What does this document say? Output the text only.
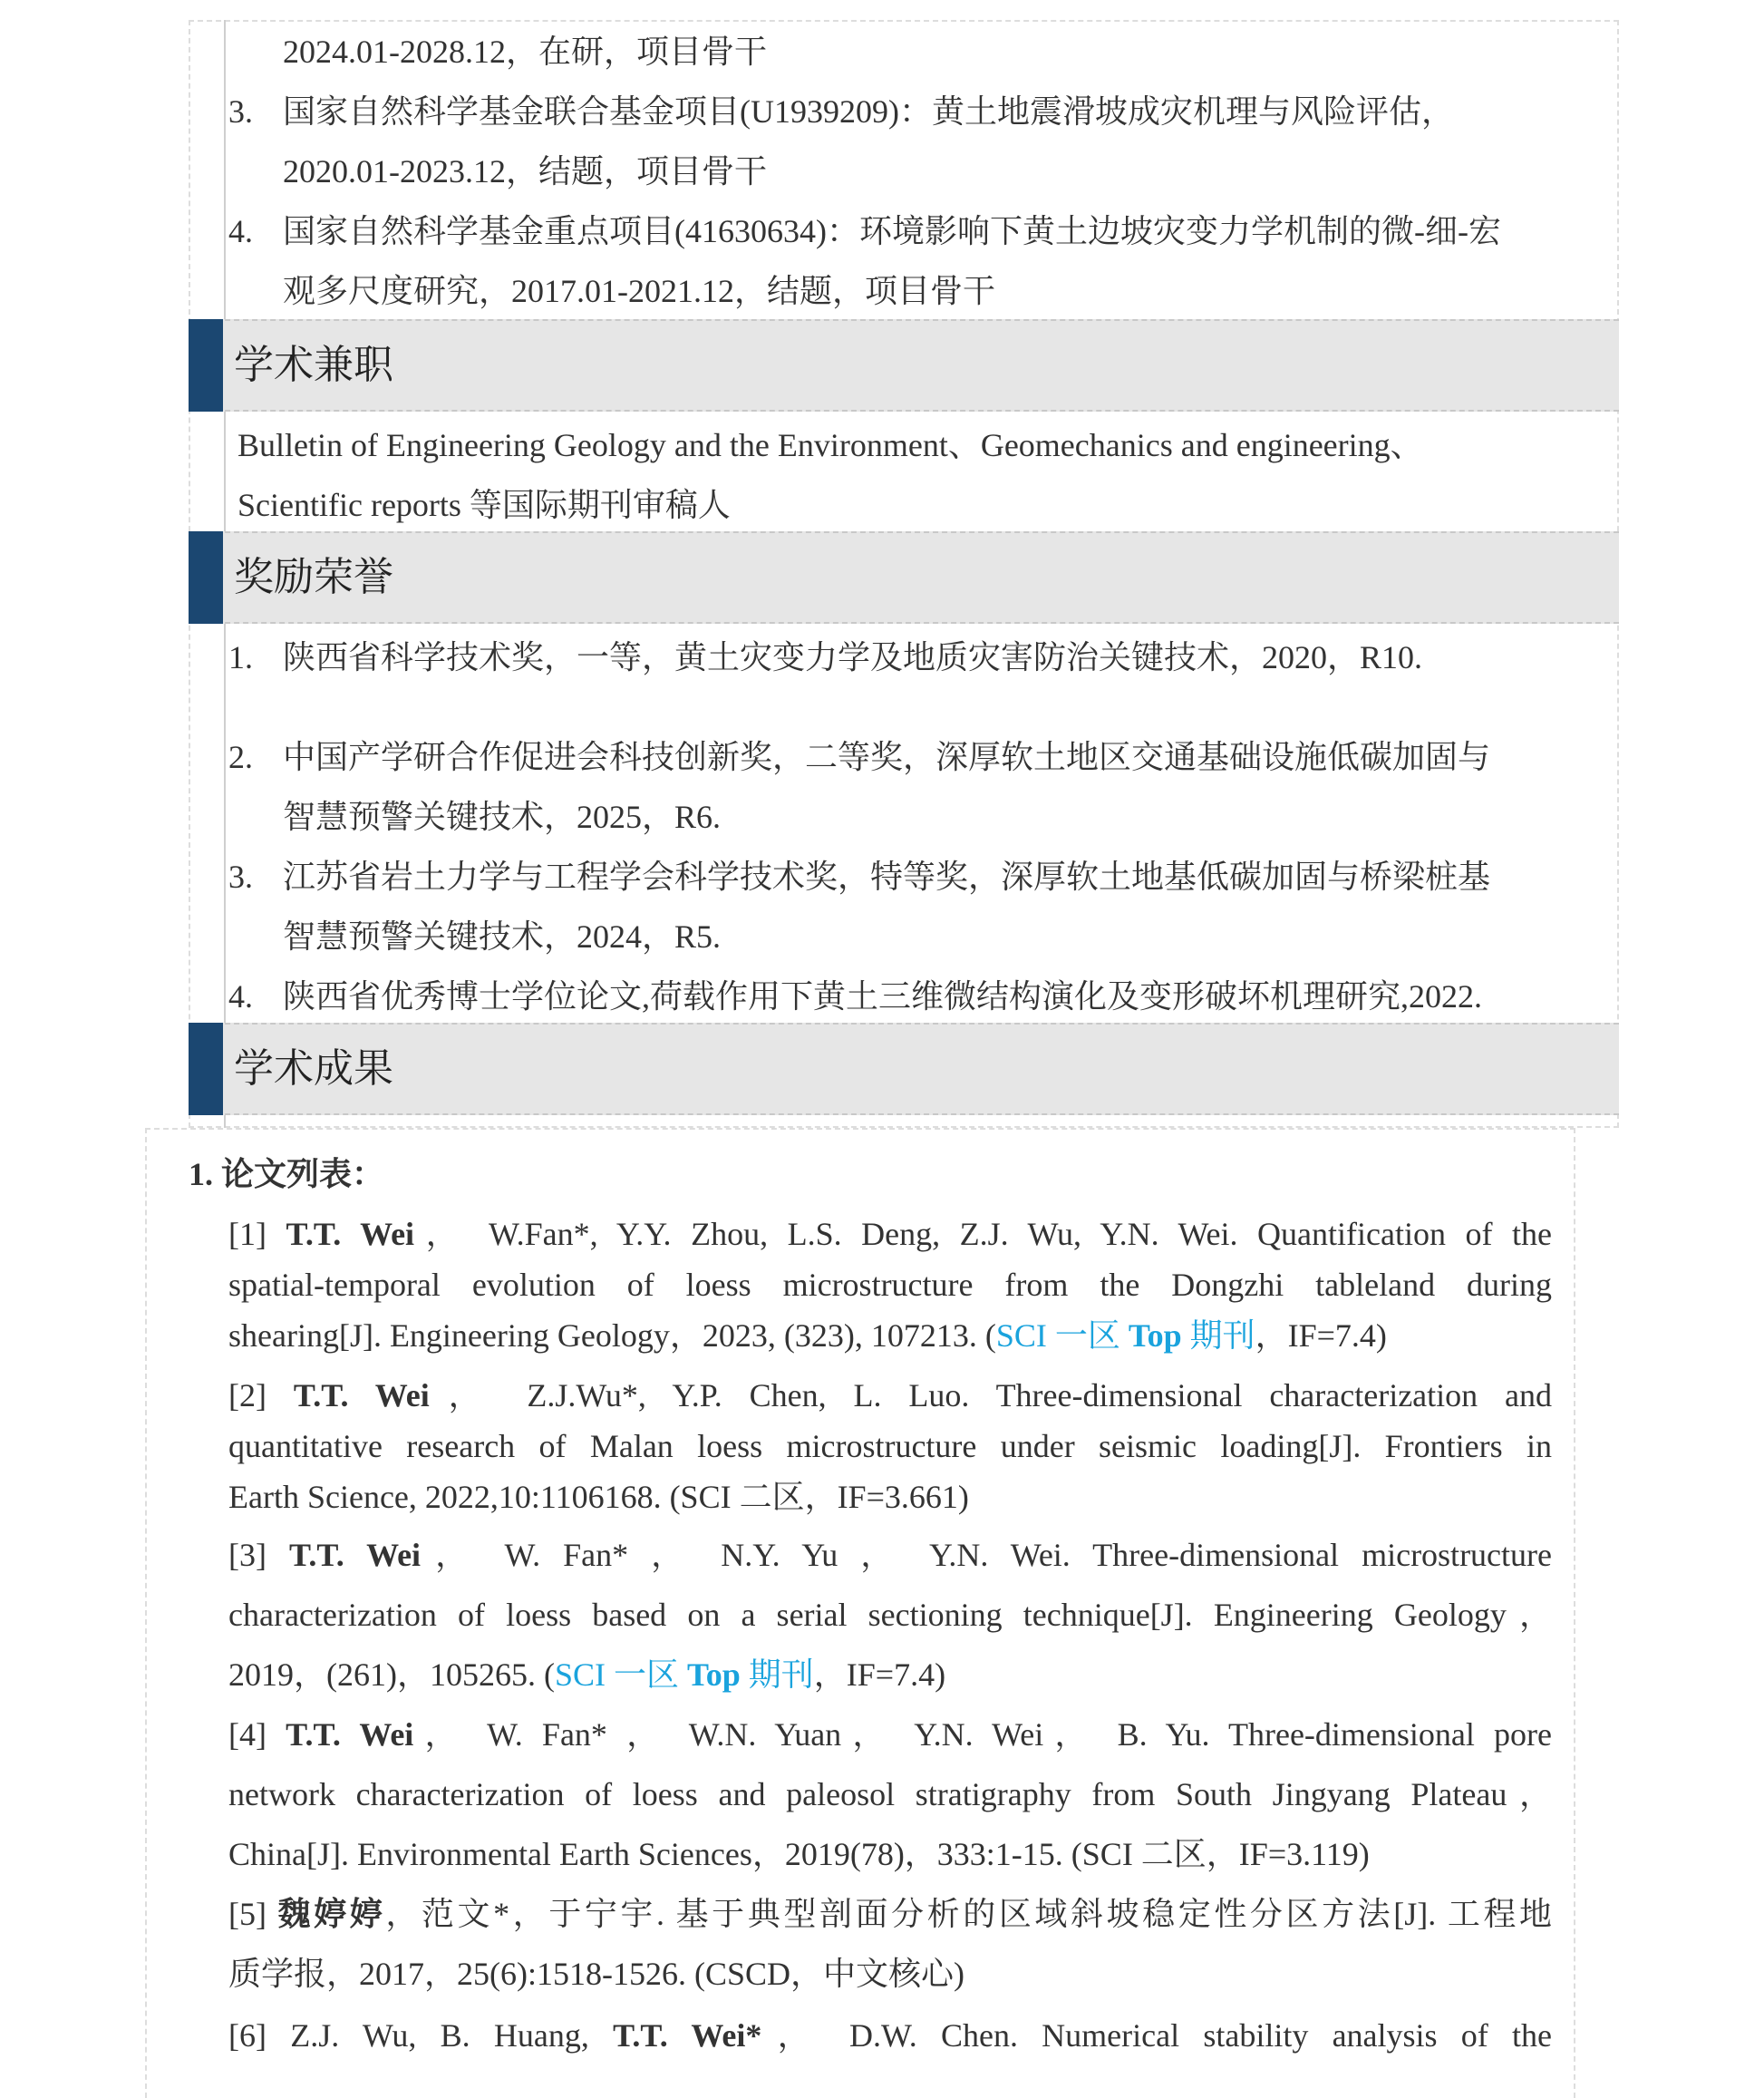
2024.01-2028.12，在研，项目骨干
3. 国家自然科学基金联合基金项目(U1939209)：黄土地震滑坡成灾机理与风险评估，
2020.01-2023.12，结题，项目骨干
4. 国家自然科学基金重点项目(41630634)：环境影响下黄土边坡灾变力学机制的微-细-宏
观多尺度研究，2017.01-2021.12，结题，项目骨干
学术兼职
Bulletin of Engineering Geology and the Environment、Geomechanics and engineering、
Scientific reports 等国际期刊审稿人
奖励荣誉
1. 陕西省科学技术奖，一等，黄土灾变力学及地质灾害防治关键技术，2020，R10.
2. 中国产学研合作促进会科技创新奖，二等奖，深厚软土地区交通基础设施低碳加固与
智慧预警关键技术，2025，R6.
3. 江苏省岩土力学与工程学会科学技术奖，特等奖，深厚软土地基低碳加固与桥梁桩基
智慧预警关键技术，2024，R5.
4. 陕西省优秀博士学位论文,荷载作用下黄土三维微结构演化及变形破坏机理研究,2022.
学术成果
1. 论文列表：
[1] T.T. Wei， W.Fan*, Y.Y. Zhou, L.S. Deng, Z.J. Wu, Y.N. Wei. Quantification of the
spatial-temporal evolution of loess microstructure from the Dongzhi tableland during
shearing[J]. Engineering Geology，2023, (323), 107213. (SCI 一区 Top 期刊，IF=7.4)
[2] T.T. Wei， Z.J.Wu*, Y.P. Chen, L. Luo. Three-dimensional characterization and
quantitative research of Malan loess microstructure under seismic loading[J]. Frontiers in
Earth Science, 2022,10:1106168. (SCI 二区，IF=3.661)
[3] T.T. Wei， W. Fan* ， N.Y. Yu ， Y.N. Wei. Three-dimensional microstructure
characterization of loess based on a serial sectioning technique[J]. Engineering Geology，
2019，(261)，105265. (SCI 一区 Top 期刊，IF=7.4)
[4] T.T. Wei， W. Fan* ， W.N. Yuan， Y.N. Wei， B. Yu. Three-dimensional pore
network characterization of loess and paleosol stratigraphy from South Jingyang Plateau，
China[J]. Environmental Earth Sciences，2019(78)，333:1-15. (SCI 二区，IF=3.119)
[5] 魏婷婷，范文*，于宁宇. 基于典型剖面分析的区域斜坡稳定性分区方法[J]. 工程地
质学报，2017，25(6):1518-1526. (CSCD，中文核心)
[6] Z.J. Wu, B. Huang, T.T. Wei*， D.W. Chen. Numerical stability analysis of the
